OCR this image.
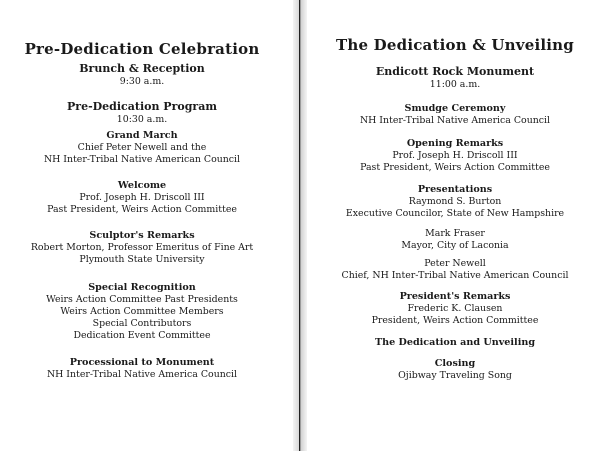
Pre-Dedication Celebration
Brunch & Reception
9:30 a.m.
Pre-Dedication Program
10:30 a.m.
Grand March
Chief Peter Newell and the
NH Inter-Tribal Native American Council
Welcome
Prof. Joseph H. Driscoll III
Past President, Weirs Action Committee
Sculptor's Remarks
Robert Morton, Professor Emeritus of Fine Art
Plymouth State University
Special Recognition
Weirs Action Committee Past Presidents
Weirs Action Committee Members
Special Contributors
Dedication Event Committee
Processional to Monument
NH Inter-Tribal Native America Council
The Dedication & Unveiling
Endicott Rock Monument
11:00 a.m.
Smudge Ceremony
NH Inter-Tribal Native America Council
Opening Remarks
Prof. Joseph H. Driscoll III
Past President, Weirs Action Committee
Presentations
Raymond S. Burton
Executive Councilor, State of New Hampshire
Mark Fraser
Mayor, City of Laconia
Peter Newell
Chief, NH Inter-Tribal Native American Council
President's Remarks
Frederic K. Clausen
President, Weirs Action Committee
The Dedication and Unveiling
Closing
Ojibway Traveling Song
